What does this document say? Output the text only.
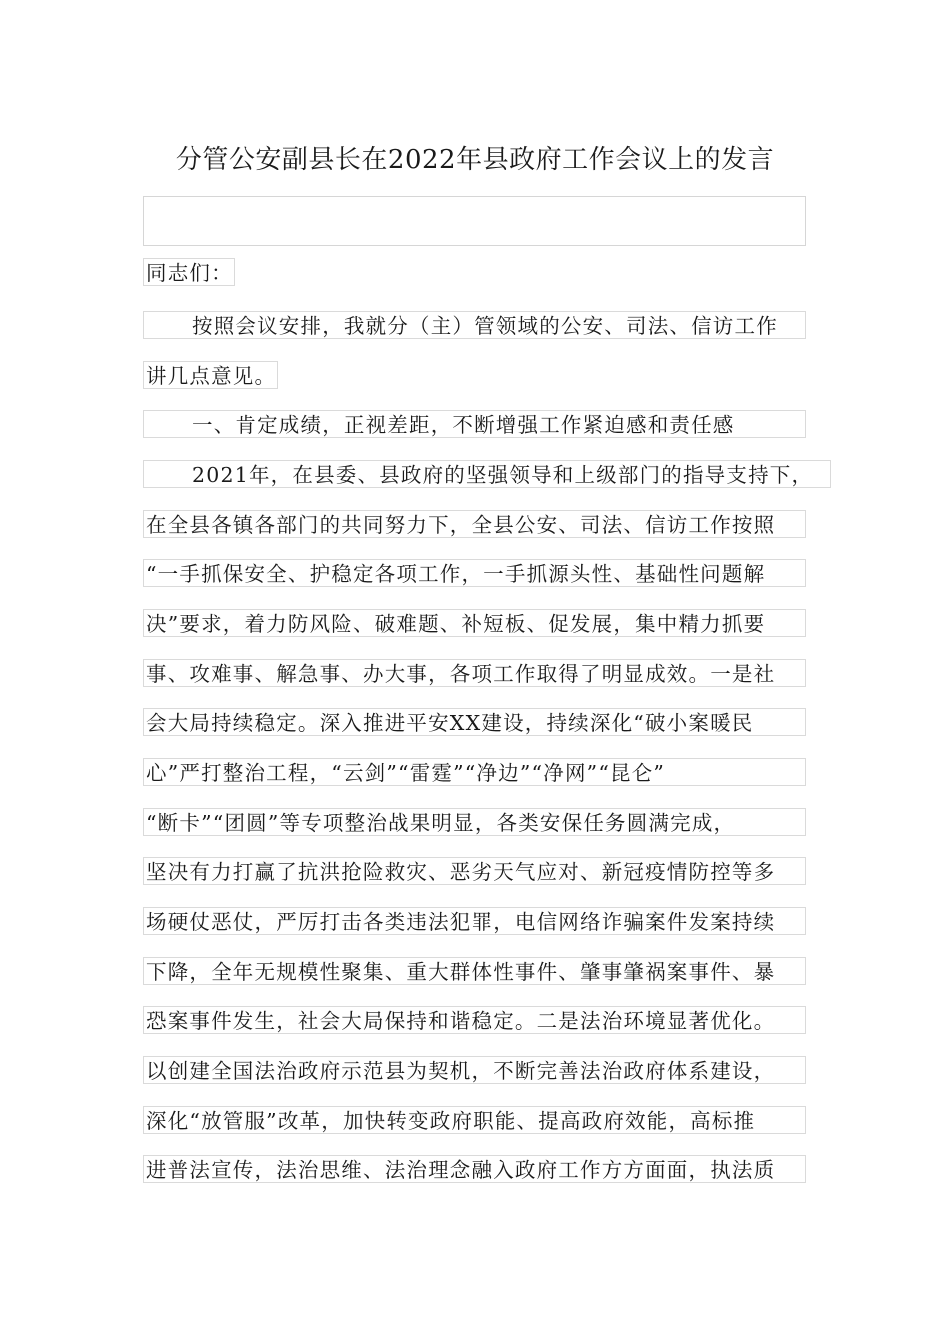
分管公安副县长在2022年县政府工作会议上的发言
同志们：
按照会议安排，我就分（主）管领域的公安、司法、信访工作
讲几点意见。
一、肯定成绩，正视差距，不断增强工作紧迫感和责任感
2021年，在县委、县政府的坚强领导和上级部门的指导支持下，
在全县各镇各部门的共同努力下，全县公安、司法、信访工作按照
“一手抓保安全、护稳定各项工作，一手抓源头性、基础性问题解
决”要求，着力防风险、破难题、补短板、促发展，集中精力抓要
事、攻难事、解急事、办大事，各项工作取得了明显成效。一是社
会大局持续稳定。深入推进平安XX建设，持续深化“破小案暖民
心”严打整治工程，“云剑”“雷霆”“净边”“净网”“昆仑”
“断卡”“团圆”等专项整治战果明显，各类安保任务圆满完成，
坚决有力打赢了抗洪抢险救灾、恶劣天气应对、新冠疫情防控等多
场硬仗恶仗，严厉打击各类违法犯罪，电信网络诈骗案件发案持续
下降，全年无规模性聚集、重大群体性事件、肇事肇祸案事件、暴
恐案事件发生，社会大局保持和谐稳定。二是法治环境显著优化。
以创建全国法治政府示范县为契机，不断完善法治政府体系建设，
深化“放管服”改革，加快转变政府职能、提高政府效能，高标推
进普法宣传，法治思维、法治理念融入政府工作方方面面，执法质
